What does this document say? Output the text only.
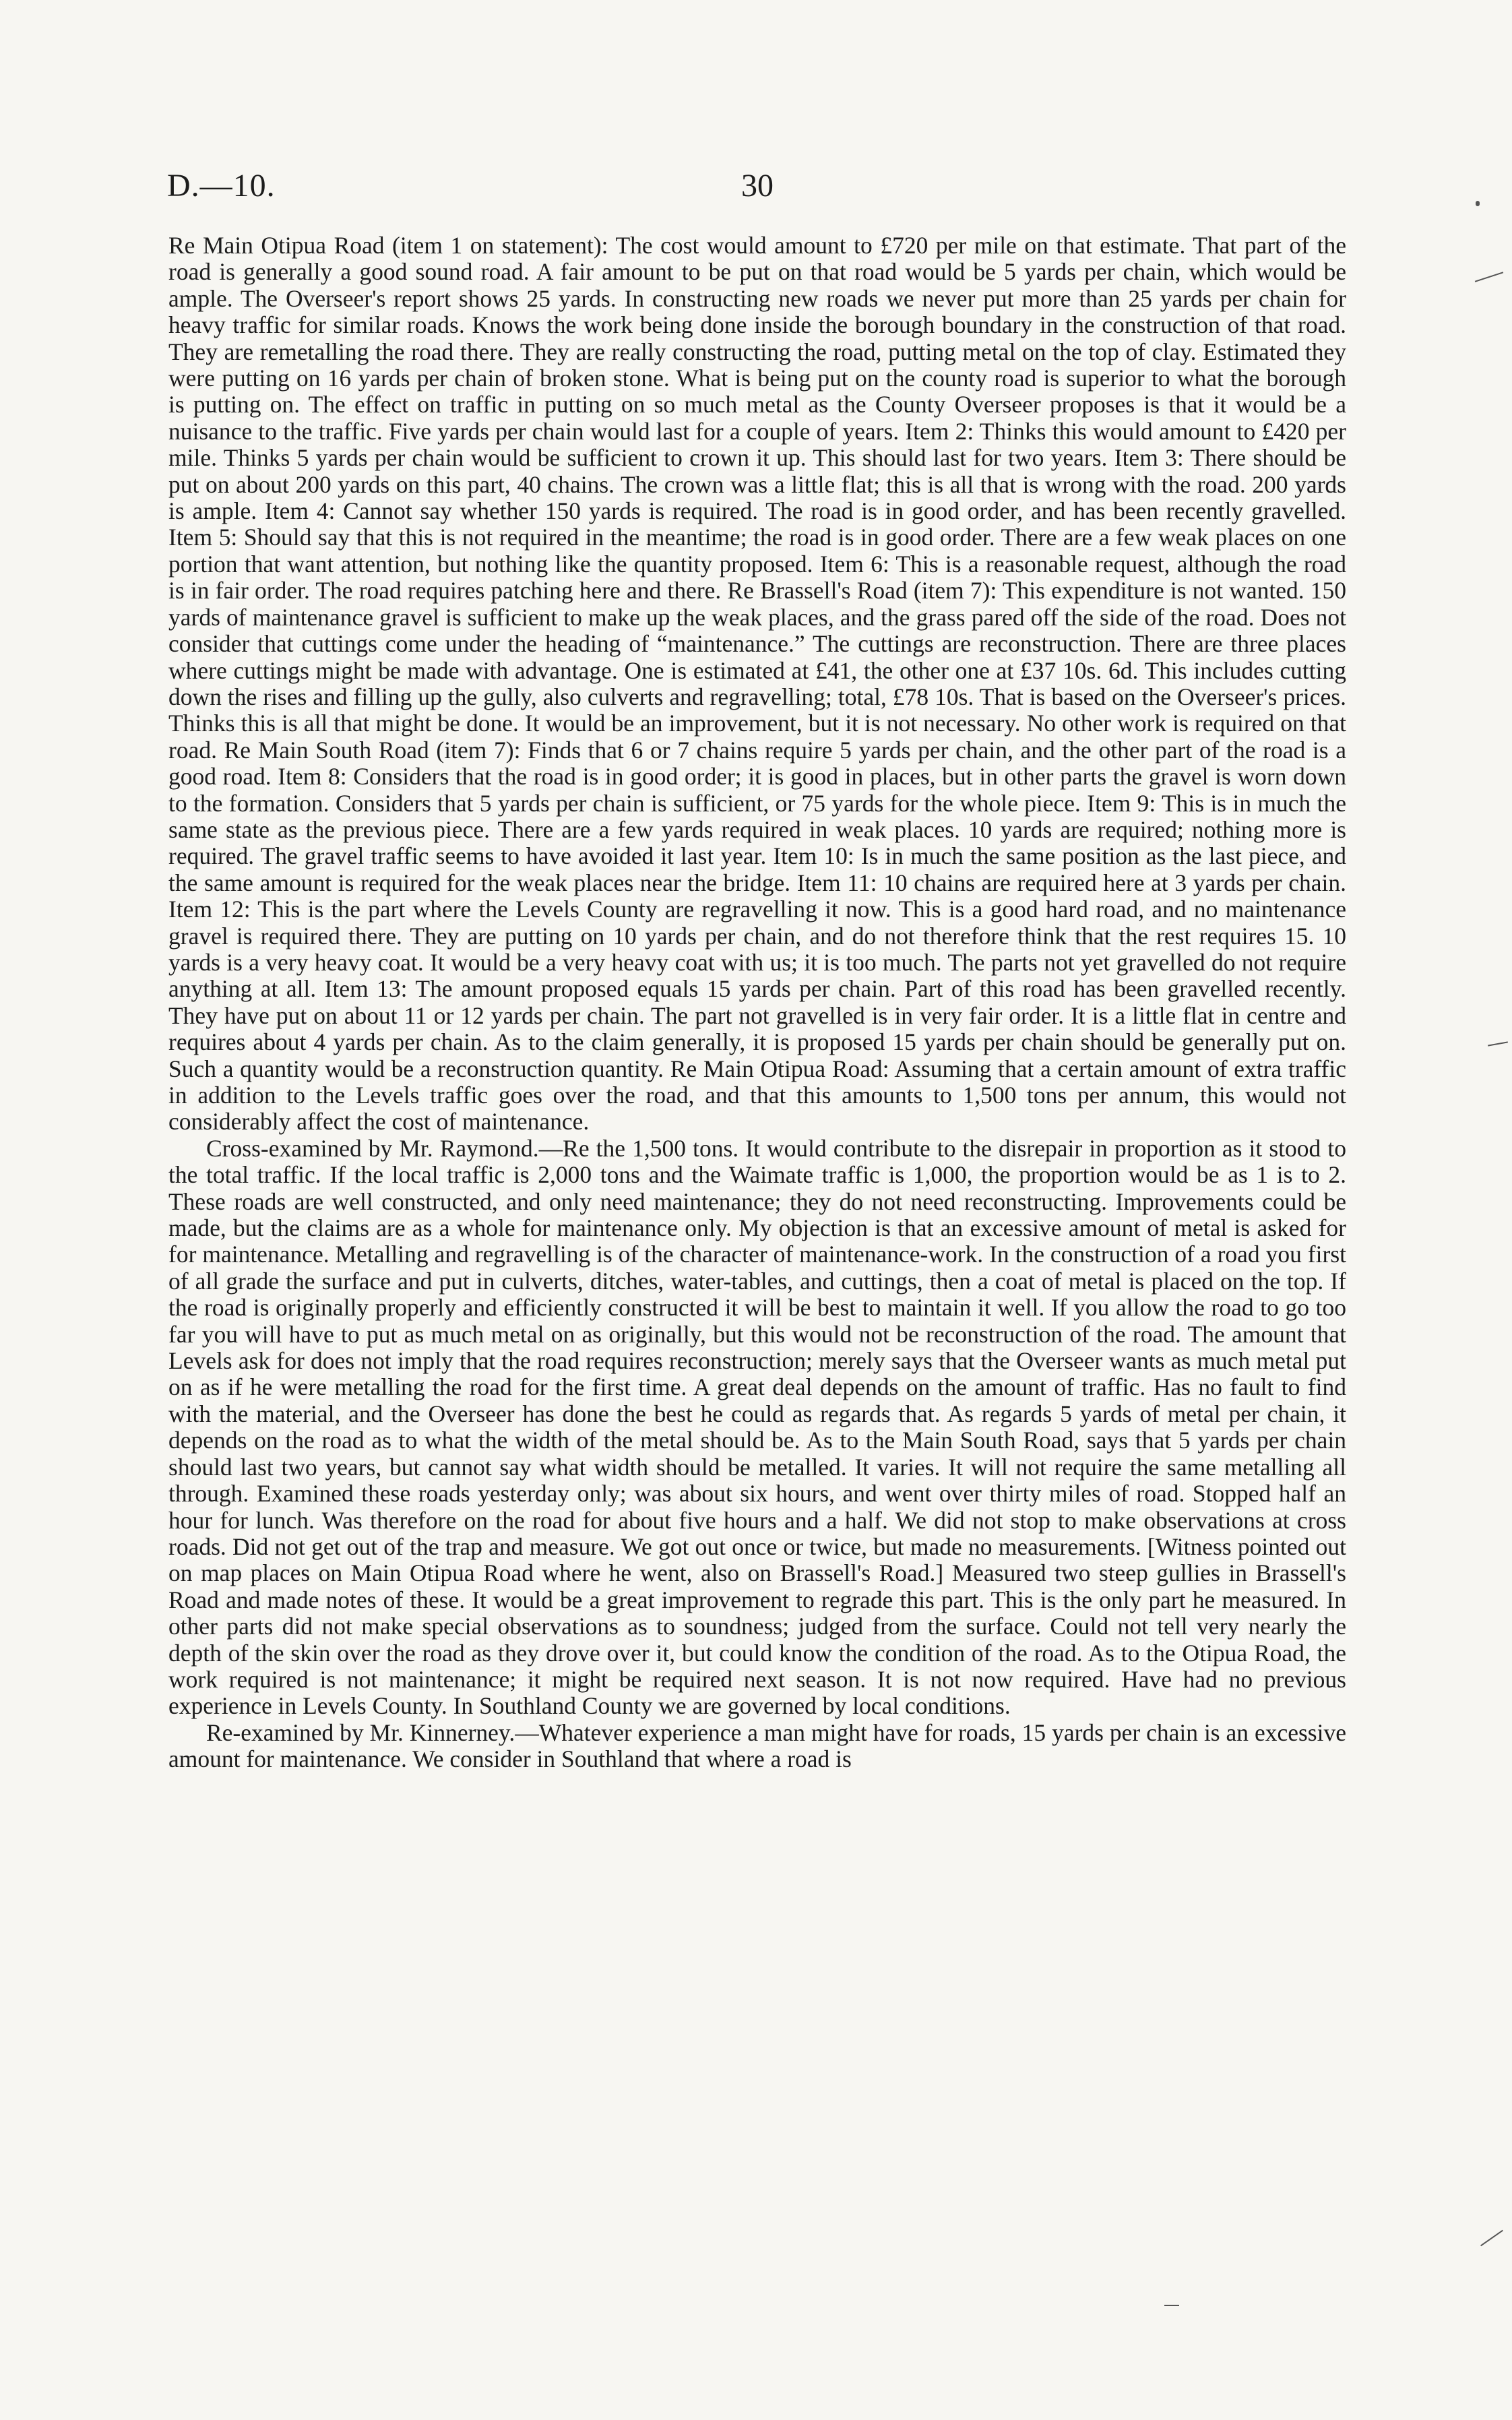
D.—10.	30

Re Main Otipua Road (item 1 on statement): The cost would amount to £720 per mile on that estimate. That part of the road is generally a good sound road. A fair amount to be put on that road would be 5 yards per chain, which would be ample. The Overseer's report shows 25 yards. In constructing new roads we never put more than 25 yards per chain for heavy traffic for similar roads. Knows the work being done inside the borough boundary in the construction of that road. They are remetalling the road there. They are really constructing the road, putting metal on the top of clay. Estimated they were putting on 16 yards per chain of broken stone. What is being put on the county road is superior to what the borough is putting on. The effect on traffic in putting on so much metal as the County Overseer proposes is that it would be a nuisance to the traffic. Five yards per chain would last for a couple of years. Item 2: Thinks this would amount to £420 per mile. Thinks 5 yards per chain would be sufficient to crown it up. This should last for two years. Item 3: There should be put on about 200 yards on this part, 40 chains. The crown was a little flat; this is all that is wrong with the road. 200 yards is ample. Item 4: Cannot say whether 150 yards is required. The road is in good order, and has been recently gravelled. Item 5: Should say that this is not required in the meantime; the road is in good order. There are a few weak places on one portion that want attention, but nothing like the quantity proposed. Item 6: This is a reasonable request, although the road is in fair order. The road requires patching here and there. Re Brassell's Road (item 7): This expenditure is not wanted. 150 yards of maintenance gravel is sufficient to make up the weak places, and the grass pared off the side of the road. Does not consider that cuttings come under the heading of “maintenance.” The cuttings are reconstruction. There are three places where cuttings might be made with advantage. One is estimated at £41, the other one at £37 10s. 6d. This includes cutting down the rises and filling up the gully, also culverts and regravelling; total, £78 10s. That is based on the Overseer's prices. Thinks this is all that might be done. It would be an improvement, but it is not necessary. No other work is required on that road. Re Main South Road (item 7): Finds that 6 or 7 chains require 5 yards per chain, and the other part of the road is a good road. Item 8: Considers that the road is in good order; it is good in places, but in other parts the gravel is worn down to the formation. Considers that 5 yards per chain is sufficient, or 75 yards for the whole piece. Item 9: This is in much the same state as the previous piece. There are a few yards required in weak places. 10 yards are required; nothing more is required. The gravel traffic seems to have avoided it last year. Item 10: Is in much the same position as the last piece, and the same amount is required for the weak places near the bridge. Item 11: 10 chains are required here at 3 yards per chain. Item 12: This is the part where the Levels County are regravelling it now. This is a good hard road, and no maintenance gravel is required there. They are putting on 10 yards per chain, and do not therefore think that the rest requires 15. 10 yards is a very heavy coat. It would be a very heavy coat with us; it is too much. The parts not yet gravelled do not require anything at all. Item 13: The amount proposed equals 15 yards per chain. Part of this road has been gravelled recently. They have put on about 11 or 12 yards per chain. The part not gravelled is in very fair order. It is a little flat in centre and requires about 4 yards per chain. As to the claim generally, it is proposed 15 yards per chain should be generally put on. Such a quantity would be a reconstruction quantity. Re Main Otipua Road: Assuming that a certain amount of extra traffic in addition to the Levels traffic goes over the road, and that this amounts to 1,500 tons per annum, this would not considerably affect the cost of maintenance.

Cross-examined by Mr. Raymond.—Re the 1,500 tons. It would contribute to the disrepair in proportion as it stood to the total traffic. If the local traffic is 2,000 tons and the Waimate traffic is 1,000, the proportion would be as 1 is to 2. These roads are well constructed, and only need maintenance; they do not need reconstructing. Improvements could be made, but the claims are as a whole for maintenance only. My objection is that an excessive amount of metal is asked for for maintenance. Metalling and regravelling is of the character of maintenance-work. In the construction of a road you first of all grade the surface and put in culverts, ditches, water-tables, and cuttings, then a coat of metal is placed on the top. If the road is originally properly and efficiently constructed it will be best to maintain it well. If you allow the road to go too far you will have to put as much metal on as originally, but this would not be reconstruction of the road. The amount that Levels ask for does not imply that the road requires reconstruction; merely says that the Overseer wants as much metal put on as if he were metalling the road for the first time. A great deal depends on the amount of traffic. Has no fault to find with the material, and the Overseer has done the best he could as regards that. As regards 5 yards of metal per chain, it depends on the road as to what the width of the metal should be. As to the Main South Road, says that 5 yards per chain should last two years, but cannot say what width should be metalled. It varies. It will not require the same metalling all through. Examined these roads yesterday only; was about six hours, and went over thirty miles of road. Stopped half an hour for lunch. Was therefore on the road for about five hours and a half. We did not stop to make observations at cross roads. Did not get out of the trap and measure. We got out once or twice, but made no measurements. [Witness pointed out on map places on Main Otipua Road where he went, also on Brassell's Road.] Measured two steep gullies in Brassell's Road and made notes of these. It would be a great improvement to regrade this part. This is the only part he measured. In other parts did not make special observations as to soundness; judged from the surface. Could not tell very nearly the depth of the skin over the road as they drove over it, but could know the condition of the road. As to the Otipua Road, the work required is not maintenance; it might be required next season. It is not now required. Have had no previous experience in Levels County. In Southland County we are governed by local conditions.

Re-examined by Mr. Kinnerney.—Whatever experience a man might have for roads, 15 yards per chain is an excessive amount for maintenance. We consider in Southland that where a road is
